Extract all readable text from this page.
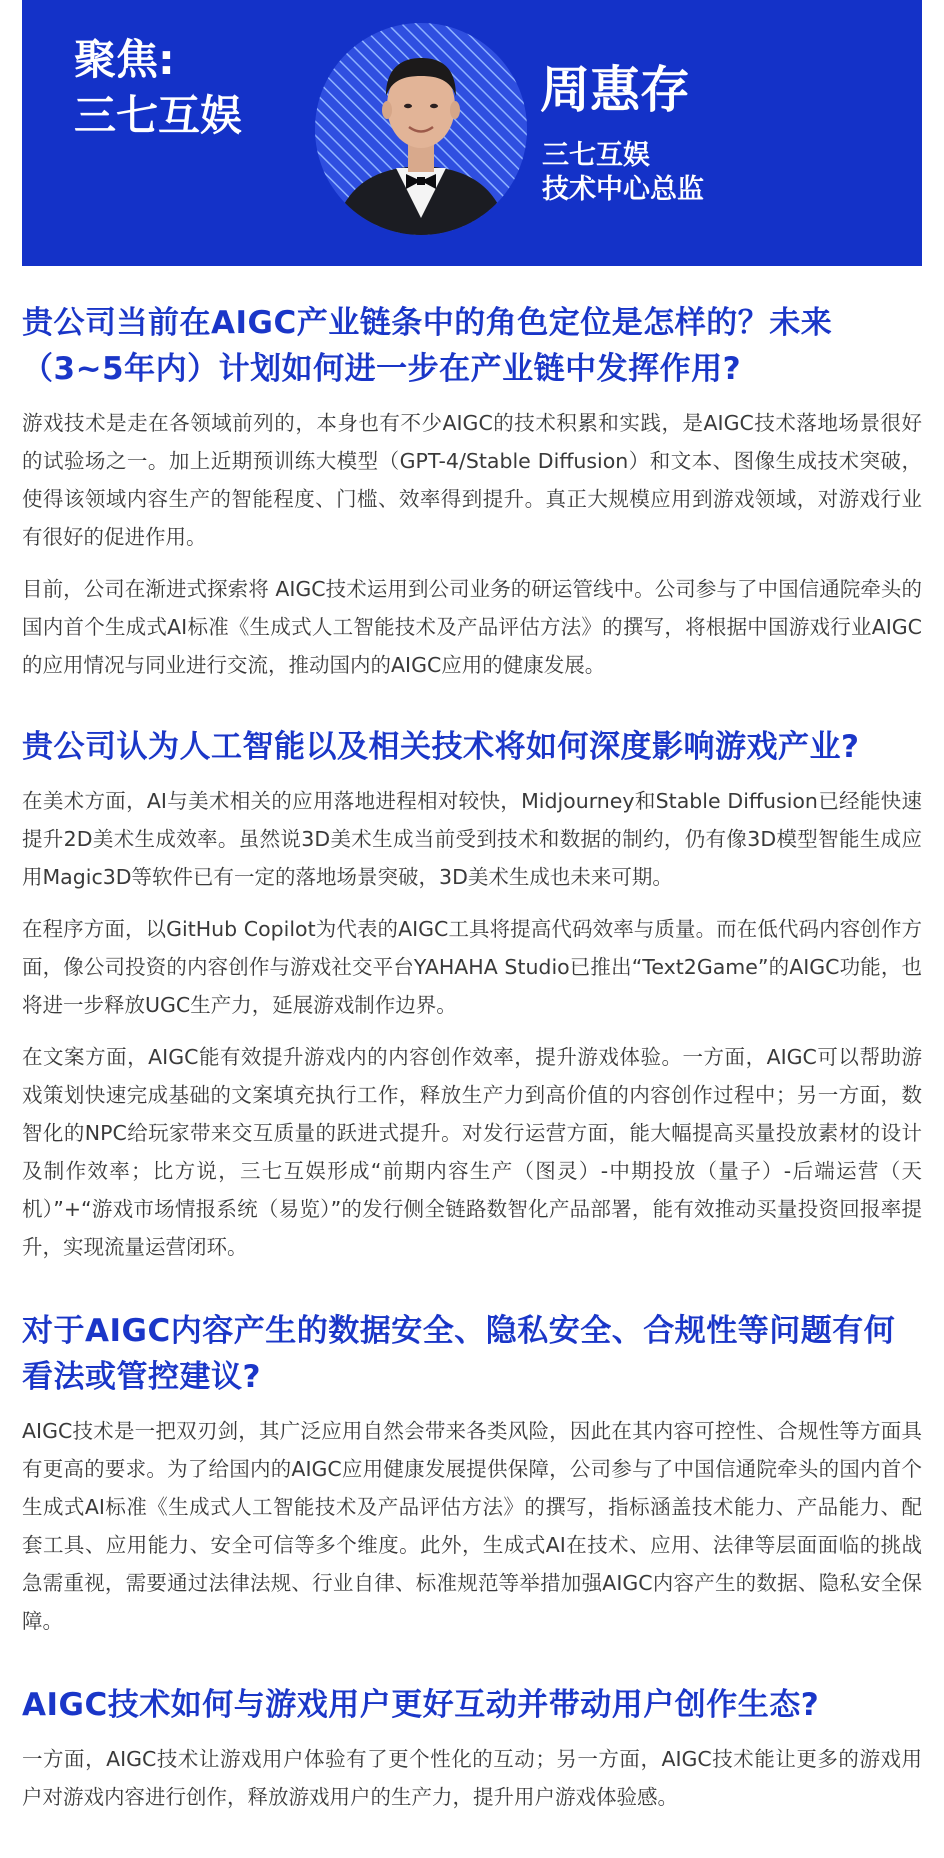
聚焦:
三七互娱	周惠存
三七互娱
技术中心总监
贵公司当前在AIGC产业链条中的角色定位是怎样的？未来（3~5年内）计划如何进一步在产业链中发挥作用?

游戏技术是走在各领域前列的，本身也有不少AIGC的技术积累和实践，是AIGC技术落地场景很好的试验场之一。加上近期预训练大模型（GPT-4/Stable Diffusion）和文本、图像生成技术突破，使得该领域内容生产的智能程度、门槛、效率得到提升。真正大规模应用到游戏领域，对游戏行业有很好的促进作用。

目前，公司在渐进式探索将 AIGC技术运用到公司业务的研运管线中。公司参与了中国信通院牵头的国内首个生成式AI标准《生成式人工智能技术及产品评估方法》的撰写，将根据中国游戏行业AIGC的应用情况与同业进行交流，推动国内的AIGC应用的健康发展。

贵公司认为人工智能以及相关技术将如何深度影响游戏产业?

在美术方面，AI与美术相关的应用落地进程相对较快，Midjourney和Stable Diffusion已经能快速提升2D美术生成效率。虽然说3D美术生成当前受到技术和数据的制约，仍有像3D模型智能生成应用Magic3D等软件已有一定的落地场景突破，3D美术生成也未来可期。

在程序方面，以GitHub Copilot为代表的AIGC工具将提高代码效率与质量。而在低代码内容创作方面，像公司投资的内容创作与游戏社交平台YAHAHA Studio已推出“Text2Game”的AIGC功能，也将进一步释放UGC生产力，延展游戏制作边界。

在文案方面，AIGC能有效提升游戏内的内容创作效率，提升游戏体验。一方面，AIGC可以帮助游戏策划快速完成基础的文案填充执行工作，释放生产力到高价值的内容创作过程中；另一方面，数智化的NPC给玩家带来交互质量的跃进式提升。对发行运营方面，能大幅提高买量投放素材的设计及制作效率；比方说，三七互娱形成“前期内容生产（图灵）-中期投放（量子）-后端运营（天机）”+“游戏市场情报系统（易览）”的发行侧全链路数智化产品部署，能有效推动买量投资回报率提升，实现流量运营闭环。

对于AIGC内容产生的数据安全、隐私安全、合规性等问题有何看法或管控建议?

AIGC技术是一把双刃剑，其广泛应用自然会带来各类风险，因此在其内容可控性、合规性等方面具有更高的要求。为了给国内的AIGC应用健康发展提供保障，公司参与了中国信通院牵头的国内首个生成式AI标准《生成式人工智能技术及产品评估方法》的撰写，指标涵盖技术能力、产品能力、配套工具、应用能力、安全可信等多个维度。此外，生成式AI在技术、应用、法律等层面面临的挑战急需重视，需要通过法律法规、行业自律、标准规范等举措加强AIGC内容产生的数据、隐私安全保障。

AIGC技术如何与游戏用户更好互动并带动用户创作生态?

一方面，AIGC技术让游戏用户体验有了更个性化的互动；另一方面，AIGC技术能让更多的游戏用户对游戏内容进行创作，释放游戏用户的生产力，提升用户游戏体验感。
